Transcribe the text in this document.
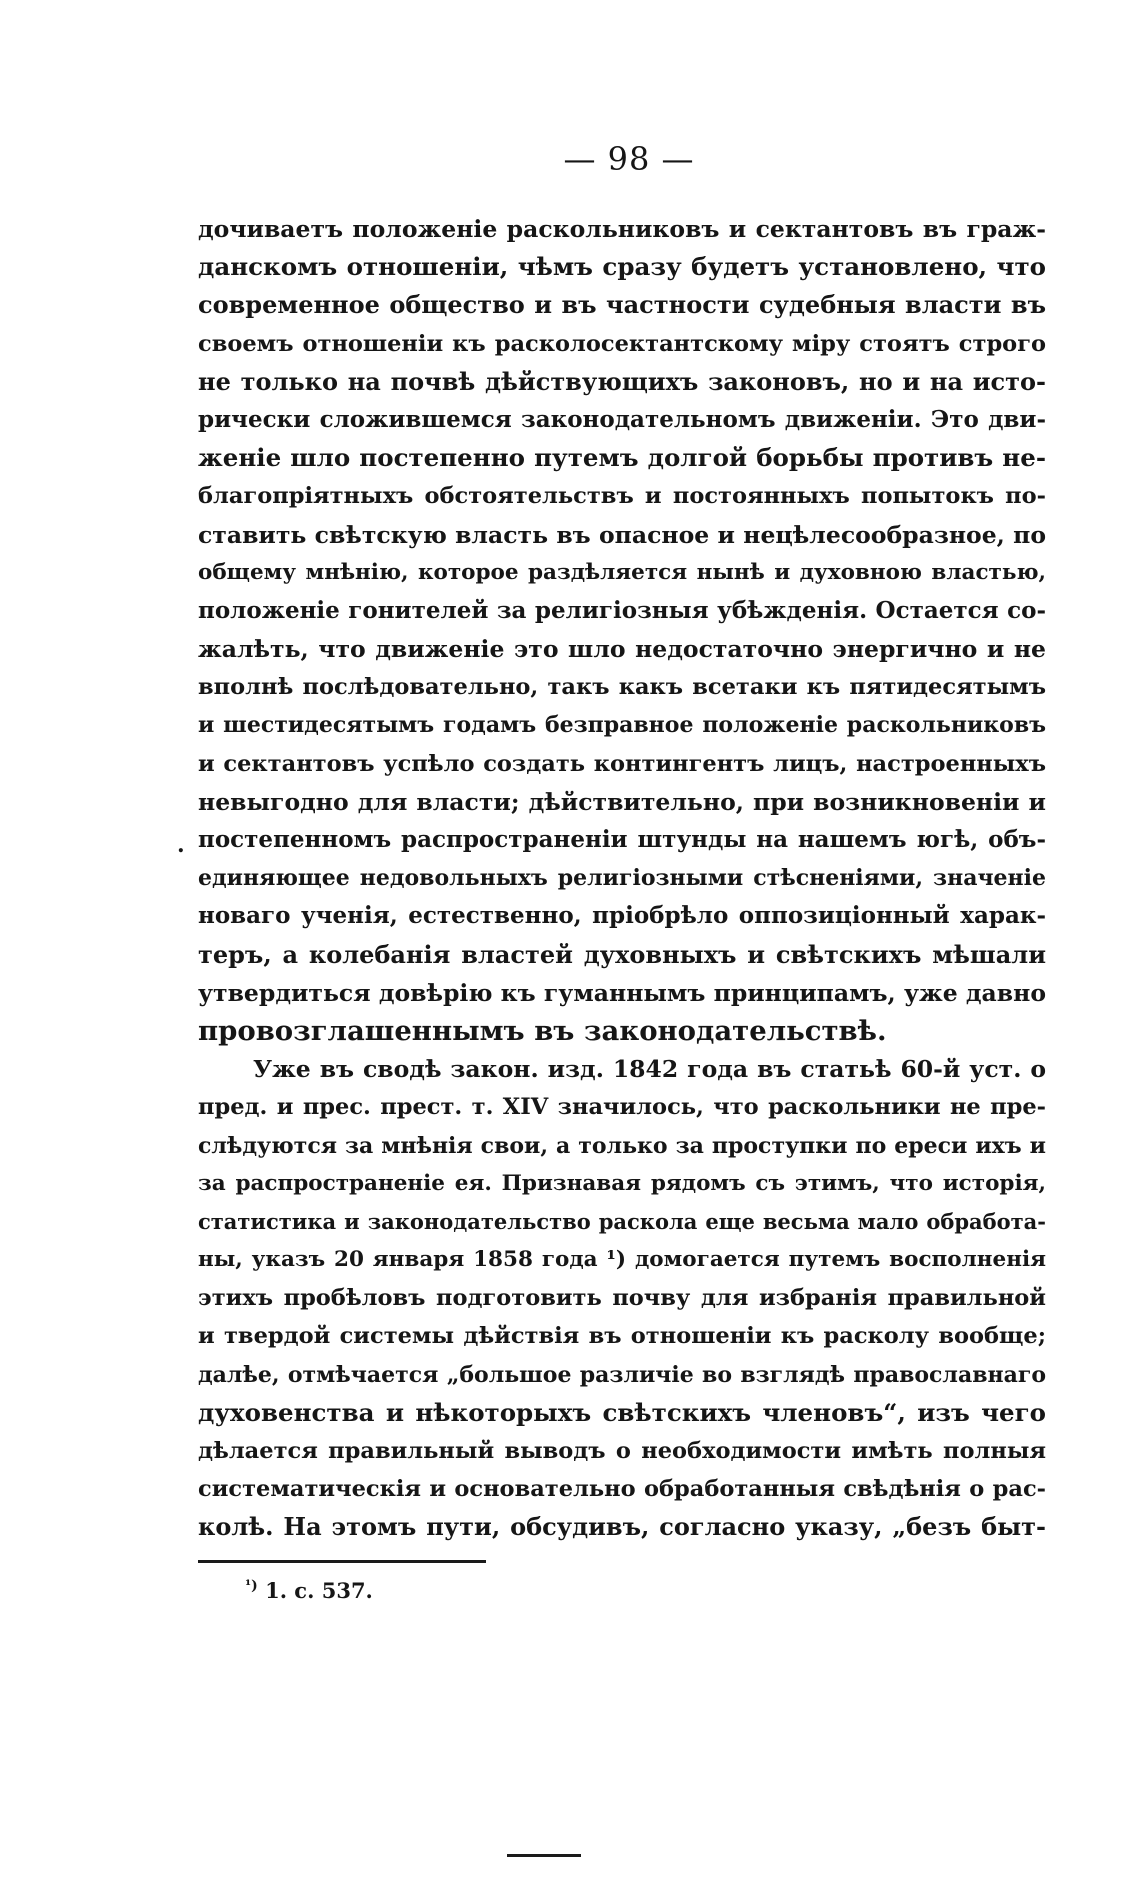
— 98 —
.
дочиваетъ положеніе раскольниковъ и сектантовъ въ граж-
данскомъ отношеніи, чѣмъ сразу будетъ установлено, что
современное общество и въ частности судебныя власти въ
своемъ отношеніи къ расколосектантскому міру стоятъ строго
не только на почвѣ дѣйствующихъ законовъ, но и на исто-
рически сложившемся законодательномъ движеніи. Это дви-
женіе шло постепенно путемъ долгой борьбы противъ не-
благопріятныхъ обстоятельствъ и постоянныхъ попытокъ по-
ставить свѣтскую власть въ опасное и нецѣлесообразное, по
общему мнѣнію, которое раздѣляется нынѣ и духовною властью,
положеніе гонителей за религіозныя убѣжденія. Остается со-
жалѣть, что движеніе это шло недостаточно энергично и не
вполнѣ послѣдовательно, такъ какъ всетаки къ пятидесятымъ
и шестидесятымъ годамъ безправное положеніе раскольниковъ
и сектантовъ успѣло создать контингентъ лицъ, настроенныхъ
невыгодно для власти; дѣйствительно, при возникновеніи и
постепенномъ распространеніи штунды на нашемъ югѣ, объ-
единяющее недовольныхъ религіозными стѣсненіями, значеніе
новаго ученія, естественно, пріобрѣло оппозиціонный харак-
теръ, а колебанія властей духовныхъ и свѣтскихъ мѣшали
утвердиться довѣрію къ гуманнымъ принципамъ, уже давно
провозглашеннымъ въ законодательствѣ.
Уже въ сводѣ закон. изд. 1842 года въ статьѣ 60-й уст. о
пред. и прес. прест. т. XIV значилось, что раскольники не пре-
слѣдуются за мнѣнія свои, а только за проступки по ереси ихъ и
за распространеніе ея. Признавая рядомъ съ этимъ, что исторія,
статистика и законодательство раскола еще весьма мало обработа-
ны, указъ 20 января 1858 года ¹) домогается путемъ восполненія
этихъ пробѣловъ подготовить почву для избранія правильной
и твердой системы дѣйствія въ отношеніи къ расколу вообще;
далѣе, отмѣчается „большое различіе во взглядѣ православнаго
духовенства и нѣкоторыхъ свѣтскихъ членовъ“, изъ чего
дѣлается правильный выводъ о необходимости имѣть полныя
систематическія и основательно обработанныя свѣдѣнія о рас-
колѣ. На этомъ пути, обсудивъ, согласно указу, „безъ быт-
$^{^1)}$ 1. с. 537.
